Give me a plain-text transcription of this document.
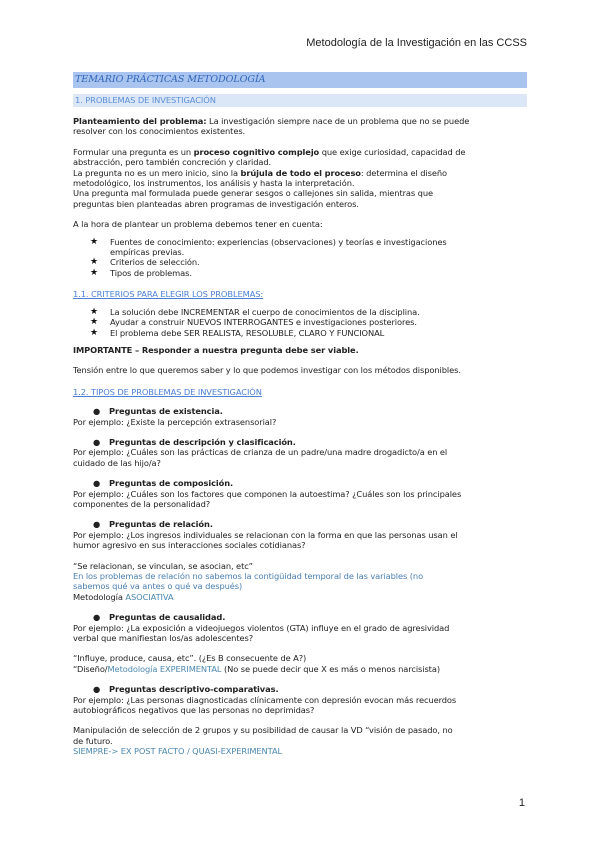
Metodología de la Investigación en las CCSS
TEMARIO PRÁCTICAS METODOLOGÍA
1. PROBLEMAS DE INVESTIGACIÓN

Planteamiento del problema: La investigación siempre nace de un problema que no se puede

resolver con los conocimientos existentes.

Formular una pregunta es un proceso cognitivo complejo que exige curiosidad, capacidad de

abstracción, pero también concreción y claridad.

La pregunta no es un mero inicio, sino la brújula de todo el proceso: determina el diseño

metodológico, los instrumentos, los análisis y hasta la interpretación.

Una pregunta mal formulada puede generar sesgos o callejones sin salida, mientras que

preguntas bien planteadas abren programas de investigación enteros.

A la hora de plantear un problema debemos tener en cuenta:

★ Fuentes de conocimiento: experiencias (observaciones) y teorías e investigaciones
empíricas previas.
★ Criterios de selección.
★ Tipos de problemas.
1.1. CRITERIOS PARA ELEGIR LOS PROBLEMAS:
★ La solución debe INCREMENTAR el cuerpo de conocimientos de la disciplina.
★ Ayudar a construir NUEVOS INTERROGANTES e investigaciones posteriores.
★ El problema debe SER REALISTA, RESOLUBLE, CLARO Y FUNCIONAL

IMPORTANTE – Responder a nuestra pregunta debe ser viable.

Tensión entre lo que queremos saber y lo que podemos investigar con los métodos disponibles.

1.2. TIPOS DE PROBLEMAS DE INVESTIGACIÓN
● Preguntas de existencia.

Por ejemplo: ¿Existe la percepción extrasensorial?

● Preguntas de descripción y clasificación.

Por ejemplo: ¿Cuáles son las prácticas de crianza de un padre/una madre drogadicto/a en el

cuidado de las hijo/a?

● Preguntas de composición.

Por ejemplo: ¿Cuáles son los factores que componen la autoestima? ¿Cuáles son los principales

componentes de la personalidad?

● Preguntas de relación.

Por ejemplo: ¿Los ingresos individuales se relacionan con la forma en que las personas usan el

humor agresivo en sus interacciones sociales cotidianas?

“Se relacionan, se vinculan, se asocian, etc”

En los problemas de relación no sabemos la contigüidad temporal de las variables (no

sabemos qué va antes o qué va después)

Metodología ASOCIATIVA

● Preguntas de causalidad.

Por ejemplo: ¿La exposición a videojuegos violentos (GTA) influye en el grado de agresividad

verbal que manifiestan los/as adolescentes?

“Influye, produce, causa, etc”. (¿Es B consecuente de A?)

“Diseño/Metodología EXPERIMENTAL (No se puede decir que X es más o menos narcisista)

● Preguntas descriptivo-comparativas.

Por ejemplo: ¿Las personas diagnosticadas clínicamente con depresión evocan más recuerdos

autobiográficos negativos que las personas no deprimidas?

Manipulación de selección de 2 grupos y su posibilidad de causar la VD “visión de pasado, no

de futuro.

SIEMPRE-> EX POST FACTO / QUASI-EXPERIMENTAL

1
